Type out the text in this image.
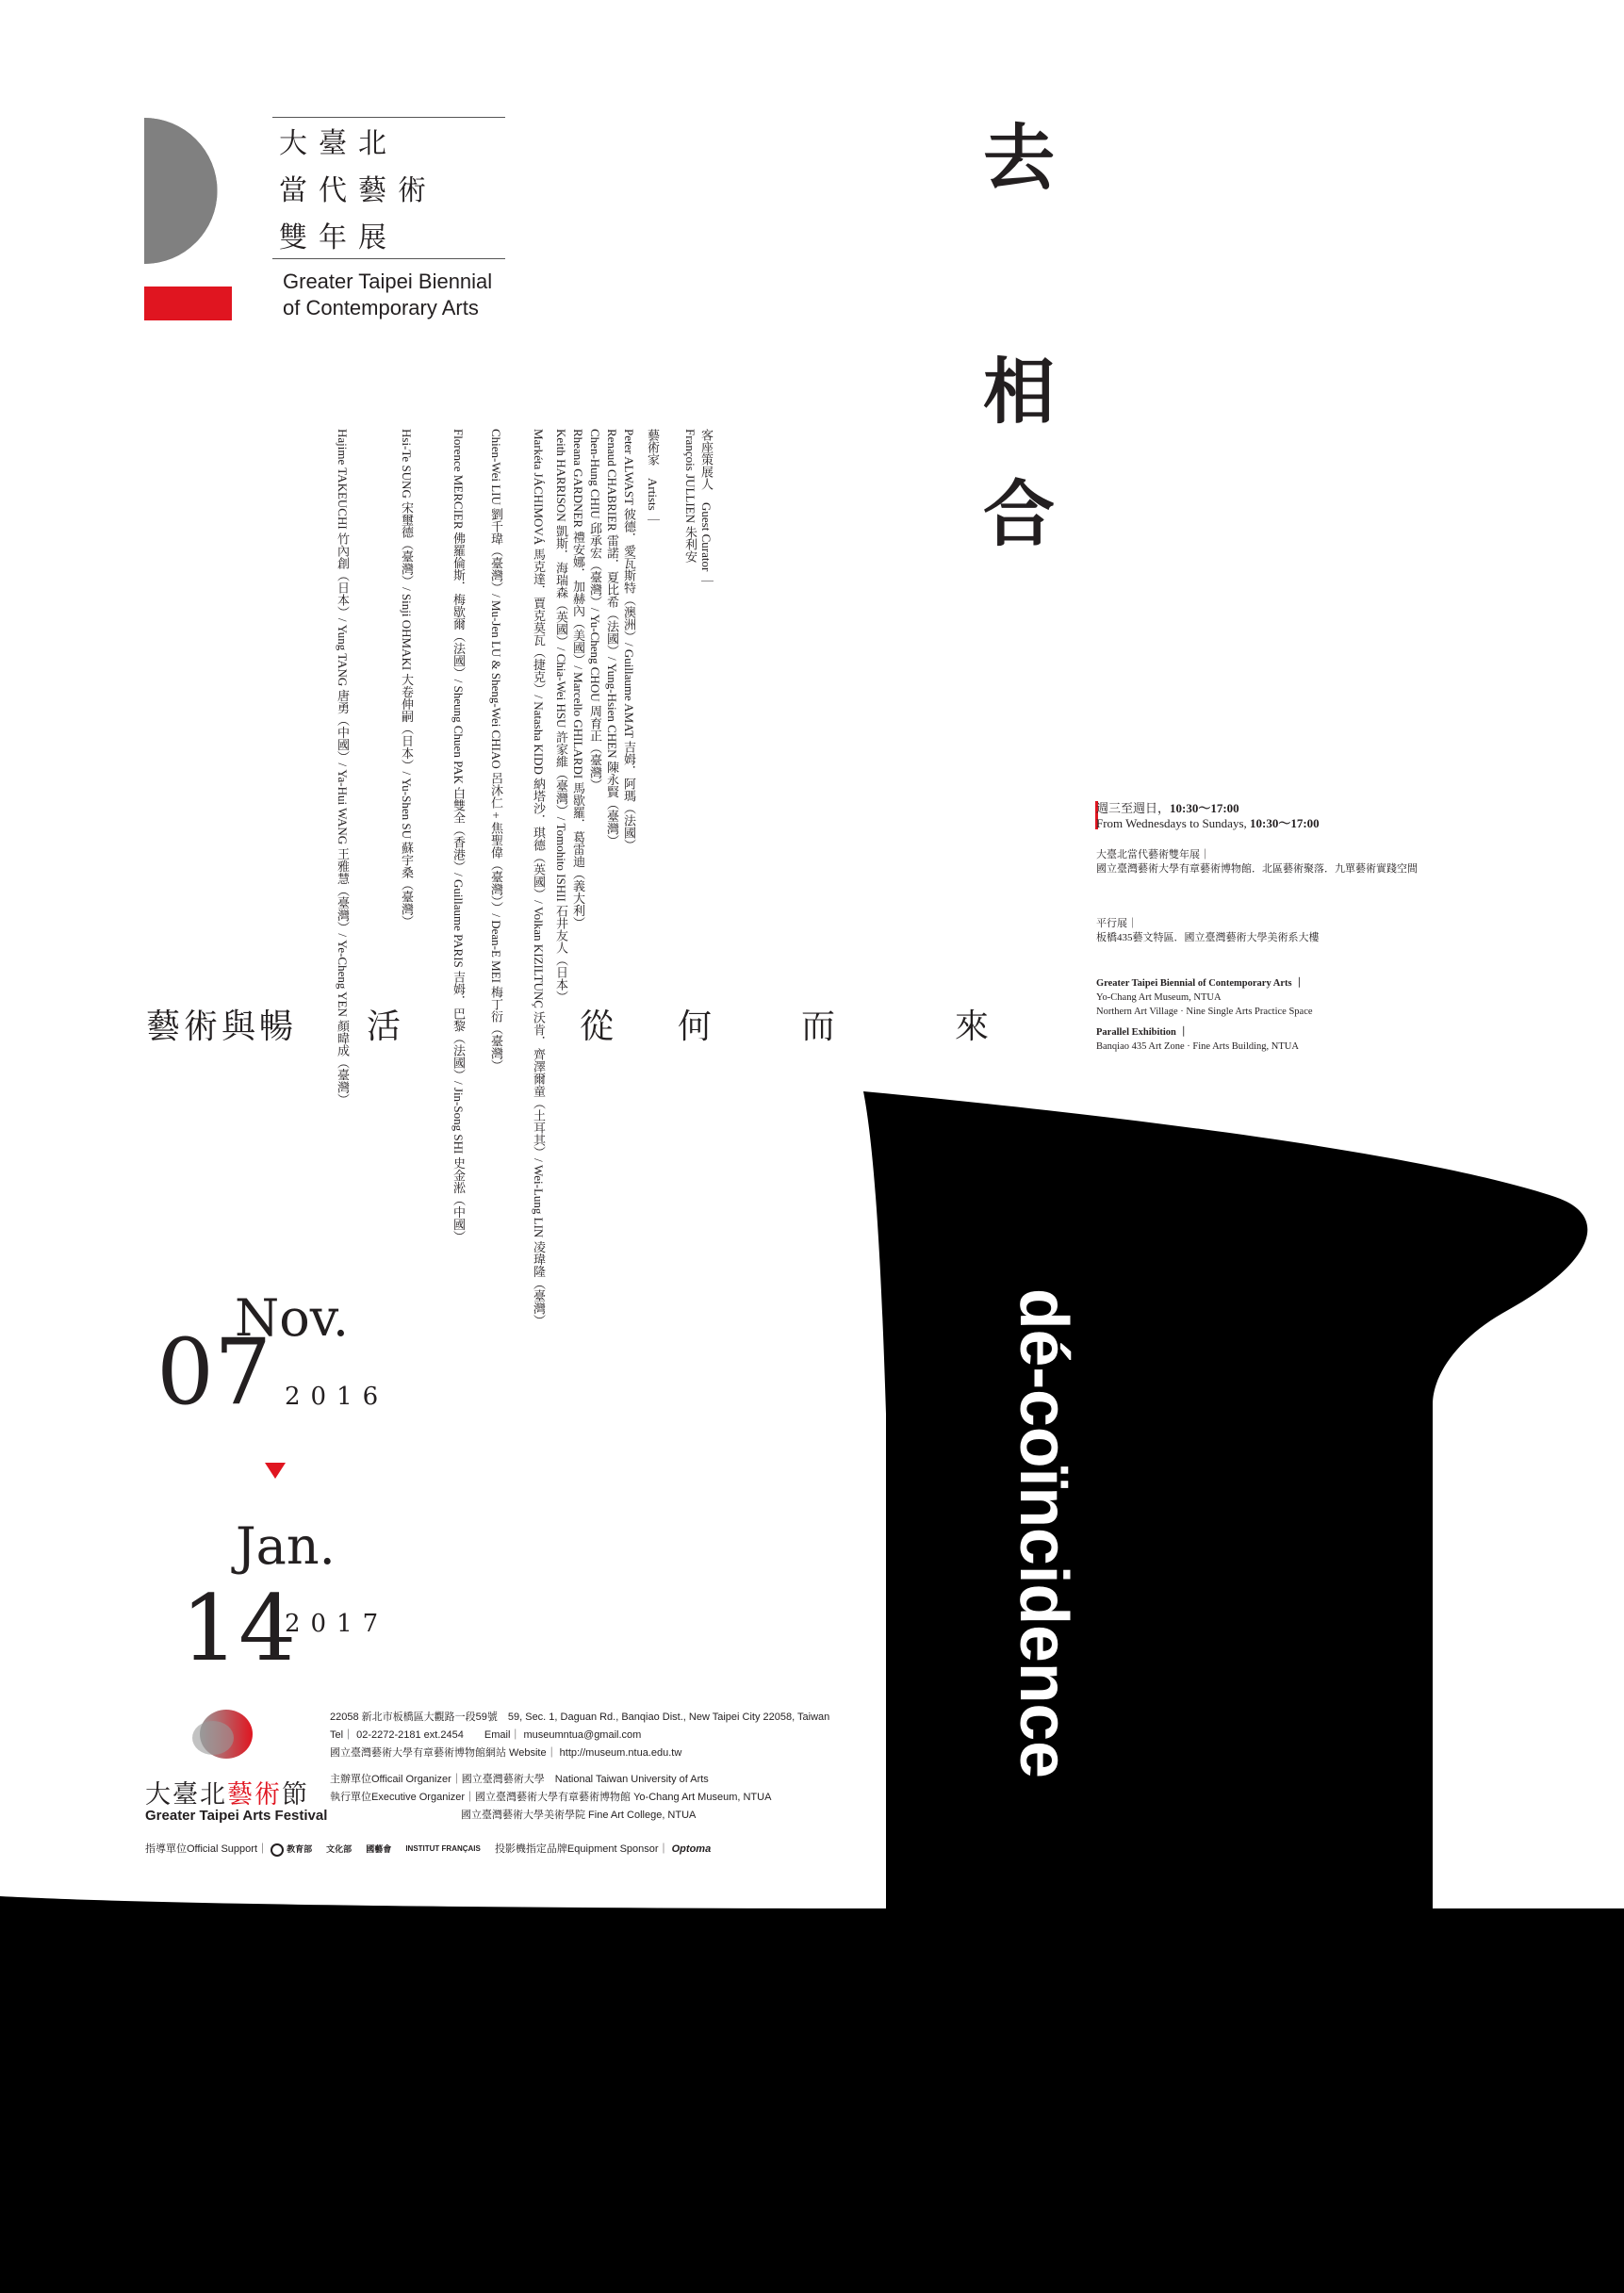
大 臺 北
當 代 藝 術
雙 年 展
Greater Taipei Biennial
of Contemporary Arts
去
相
合
客座策展人　Guest Curator ｜
François JULLIEN 朱利安
藝術家　Artists ｜
Peter ALWAST 彼德．愛瓦斯特（澳洲）/ Guillaume AMAT 吉姆．阿瑪（法國）
Renaud CHABRIER 雷諾．夏比希（法國）/ Yung-Hsien CHEN 陳永賢（臺灣）
Chen-Hung CHIU 邱承宏（臺灣）/ Yu-Cheng CHOU 周育正（臺灣）
Rheana GARDNER 禮安娜．加赫內（美國）/ Marcello GHILARDI 馬歇羅．葛雷迪（義大利）
Keith HARRISON 凱斯．海瑞森（英國）/ Chia-Wei HSU 許家維（臺灣）/ Tomohito ISHII 石井友人（日本）
Markéta JÁCHIMOVÁ 馬克達．賈克莫瓦（捷克）/ Natasha KIDD 納塔沙．琪德（英國）/ Volkan KIZILTUNÇ 沃肯．齊澤爾童（土耳其）/ Wei-Lung LIN 凌瑋隆（臺灣）
Chien-Wei LIU 劉千瑋（臺灣）/ Mu-Jen LU & Sheng-Wei CHIAO 呂沐仁 + 焦聖偉（臺灣））/ Dean-E MEI 梅丁衍（臺灣）
Florence MERCIER 佛羅倫斯．梅歇爾（法國）/ Sheung Chuen PAK 白雙全（香港）/ Guillaume PARIS 吉姆．巴黎（法國）/ Jin-Song SHI 史金淞（中國）
Hsi-Te SUNG 宋璽德（臺灣）/ Sinji OHMAKI 大卷伸嗣（日本）/ Yu-Shen SU 蘇宇桑（臺灣）
Hajime TAKEUCHI 竹內創（日本）/ Yung TANG 唐勇（中國）/ Ya-Hui WANG 王雅慧（臺灣）/ Ye-Cheng YEN 顏暐成（臺灣）
藝術與暢 活	從 何	而	來
週三至週日，10:30～17:00
From Wednesdays to Sundays, 10:30～17:00
大臺北當代藝術雙年展｜
國立臺灣藝術大學有章藝術博物館．北區藝術聚落．九單藝術實踐空間
平行展｜
板橋435藝文特區．國立臺灣藝術大學美術系大樓
Greater Taipei Biennial of Contemporary Arts ｜
Yo-Chang Art Museum, NTUA
Northern Art Village · Nine Single Arts Practice Space
Parallel Exhibition ｜
Banqiao 435 Art Zone · Fine Arts Building, NTUA
Nov.
07 2016
Jan.
14
2017	dé-coïncidence
大臺北藝術節
Greater Taipei Arts Festival
22058 新北市板橋區大觀路一段59號　59, Sec. 1, Daguan Rd., Banqiao Dist., New Taipei City 22058, Taiwan
Tel｜ 02-2272-2181 ext.2454　　Email｜ museumntua@gmail.com
國立臺灣藝術大學有章藝術博物館網站 Website｜ http://museum.ntua.edu.tw
主辦單位Officail Organizer｜國立臺灣藝術大學　National Taiwan University of Arts
執行單位Executive Organizer｜國立臺灣藝術大學有章藝術博物館 Yo-Chang Art Museum, NTUA
國立臺灣藝術大學美術學院 Fine Art College, NTUA
指導單位Official Support｜ 教育部 文化部 國藝會 INSTITUT FRANÇAIS 投影機指定品牌Equipment Sponsor｜ Optoma
